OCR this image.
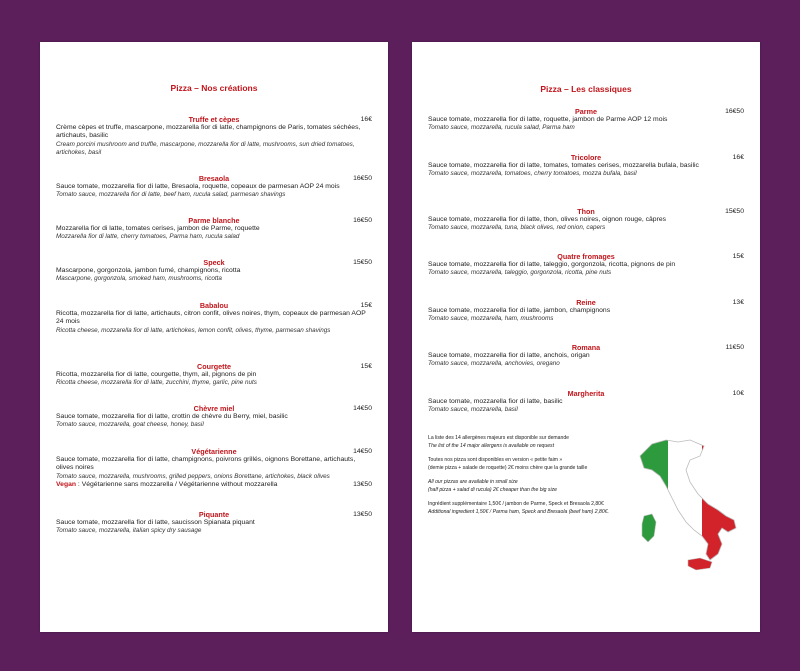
Pizza – Nos créations
Truffe et cèpes	16€
Crème cèpes et truffe, mascarpone, mozzarella fior di latte, champignons de Paris, tomates séchées, artichauts, basilic
Cream porcini mushroom and truffle, mascarpone, mozzarella fior di latte, mushrooms, sun dried tomatoes, artichokes, basil
Bresaola	16€50
Sauce tomate, mozzarella fior di latte, Bresaola, roquette, copeaux de parmesan AOP 24 mois
Tomato sauce, mozzarella fior di latte, beef ham, rucula salad, parmesan shavings
Parme blanche	16€50
Mozzarella fior di latte, tomates cerises, jambon de Parme, roquette
Mozzarella fior di latte, cherry tomatoes, Parma ham, rucula salad
Speck	15€50
Mascarpone, gorgonzola, jambon fumé, champignons, ricotta
Mascarpone, gorgonzola, smoked ham, mushrooms, ricotta
Babalou	15€
Ricotta, mozzarella fior di latte, artichauts, citron confit, olives noires, thym, copeaux de parmesan AOP 24 mois
Ricotta cheese, mozzarella fior di latte, artichokes, lemon confit, olives, thyme, parmesan shavings
Courgette	15€
Ricotta, mozzarella fior di latte, courgette, thym, ail, pignons de pin
Ricotta cheese, mozzarella fior di latte, zucchini, thyme, garlic, pine nuts
Chèvre miel	14€50
Sauce tomate, mozzarella fior di latte, crottin de chèvre du Berry, miel, basilic
Tomato sauce, mozzarella, goat cheese, honey, basil
Végétarienne	14€50
Sauce tomate, mozzarella fior di latte, champignons, poivrons grillés, oignons Borettane, artichauts, olives noires
Tomato sauce, mozzarella, mushrooms, grilled peppers, onions Borettane, artichokes, black olives
Vegan : Végétarienne sans mozzarella / Végétarienne without mozzarella	13€50
Piquante	13€50
Sauce tomate, mozzarella fior di latte, saucisson Spianata piquant
Tomato sauce, mozzarella, italian spicy dry sausage
Pizza – Les classiques
Parme	16€50
Sauce tomate, mozzarella fior di latte, roquette, jambon de Parme AOP 12 mois
Tomato sauce, mozzarella, rucula salad, Parma ham
Tricolore	16€
Sauce tomate, mozzarella fior di latte, tomates, tomates cerises, mozzarella bufala, basilic
Tomato sauce, mozzarella, tomatoes, cherry tomatoes, mozza bufala, basil
Thon	15€50
Sauce tomate, mozzarella fior di latte, thon, olives noires, oignon rouge, câpres
Tomato sauce, mozzarella, tuna, black olives, red onion, capers
Quatre fromages	15€
Sauce tomate, mozzarella fior di latte, taleggio, gorgonzola, ricotta, pignons de pin
Tomato sauce, mozzarella, taleggio, gorgonzola, ricotta, pine nuts
Reine	13€
Sauce tomate, mozzarella fior di latte, jambon, champignons
Tomato sauce, mozzarella, ham, mushrooms
Romana	11€50
Sauce tomate, mozzarella fior di latte, anchois, origan
Tomato sauce, mozzarella, anchovies, oregano
Margherita	10€
Sauce tomate, mozzarella fior di latte, basilic
Tomato sauce, mozzarella, basil
La liste des 14 allergènes majeurs est disponible sur demande
The list of the 14 major allergens is available on request
Toutes nos pizza sont disponibles en version « petite faim »
(demie pizza + salade de roquette) 2€ moins chère que la grande taille
All our pizzas are available in small size
(half pizza + salad di rucula) 2€ cheaper than the big size
Ingrédient supplémentaire 1,50€ / jambon de Parme, Speck et Bresaola 2,80€
Additional ingredient 1,50€ / Parma ham, Speck and Bresaola (beef ham) 2,80€.
